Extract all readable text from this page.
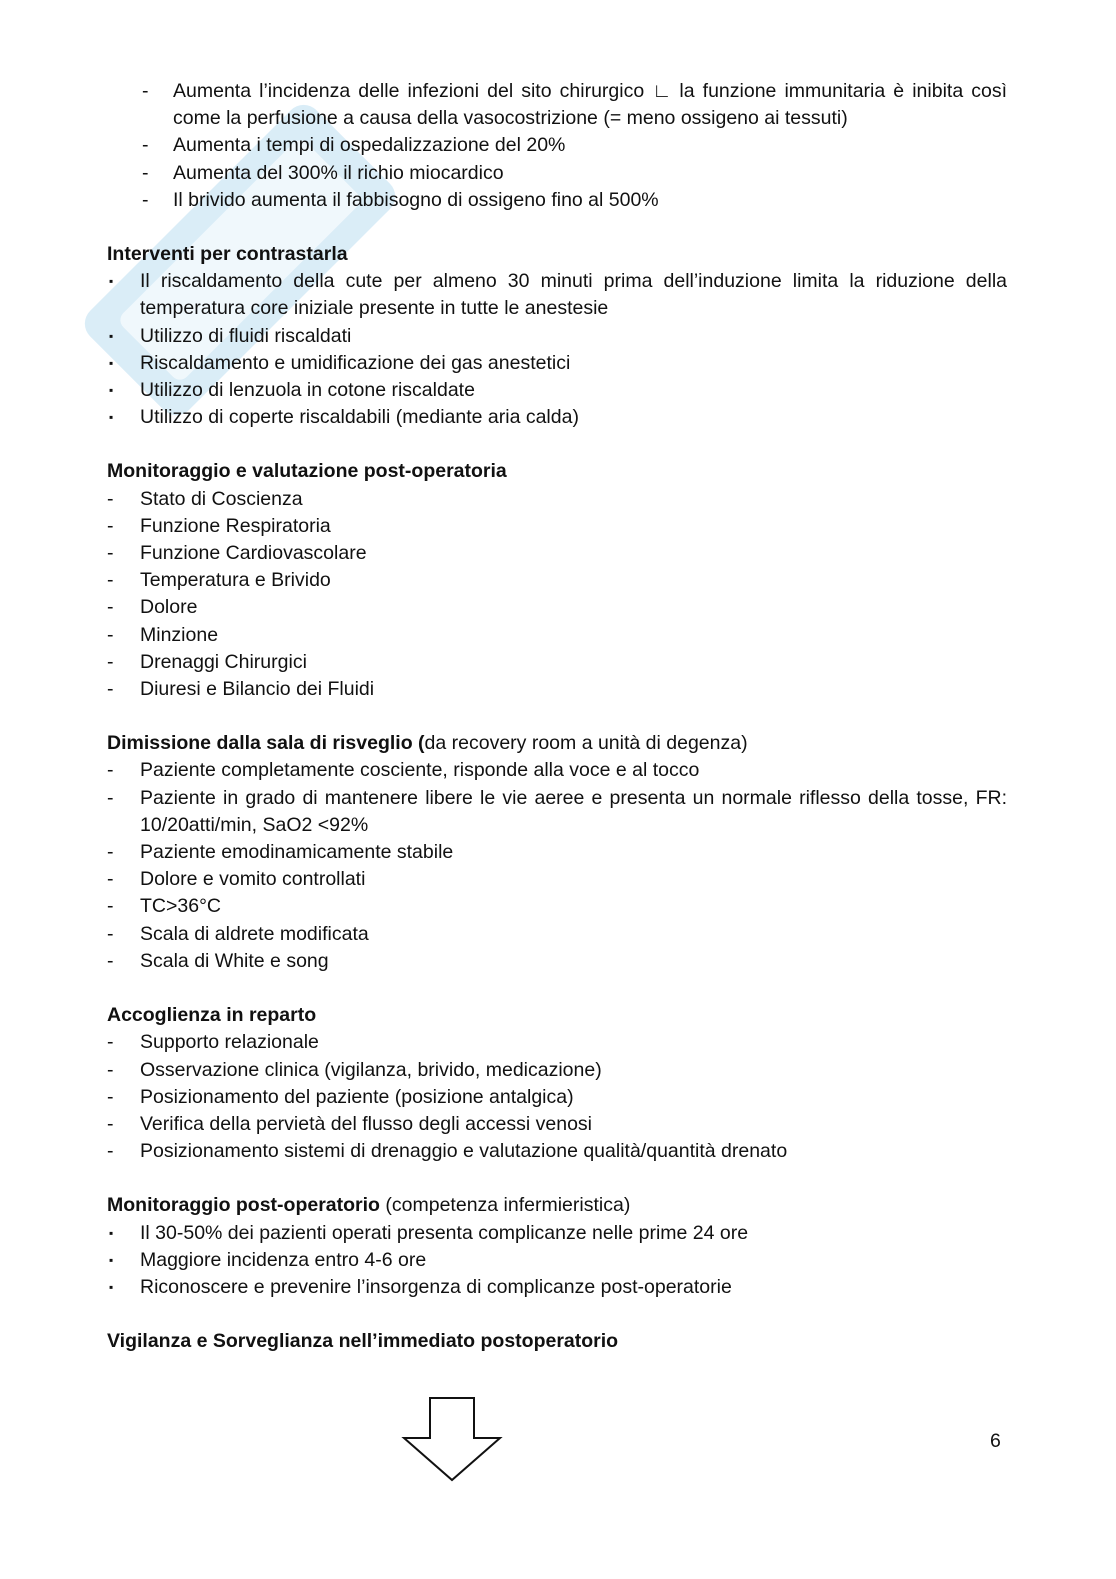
- Aumenta l’incidenza delle infezioni del sito chirurgico ∟ la funzione immunitaria è inibita così come la perfusione a causa della vasocostrizione (= meno ossigeno ai tessuti)
- Aumenta i tempi di ospedalizzazione del 20%
- Aumenta del 300% il richio miocardico
- Il brivido aumenta il fabbisogno di ossigeno fino al 500%
Interventi per contrastarla
▪ Il riscaldamento della cute per almeno 30 minuti prima dell’induzione limita la riduzione della temperatura core iniziale presente in tutte le anestesie
▪ Utilizzo di fluidi riscaldati
▪ Riscaldamento e umidificazione dei gas anestetici
▪ Utilizzo di lenzuola in cotone riscaldate
▪ Utilizzo di coperte riscaldabili (mediante aria calda)
Monitoraggio e valutazione post-operatoria
- Stato di Coscienza
- Funzione Respiratoria
- Funzione Cardiovascolare
- Temperatura e Brivido
- Dolore
- Minzione
- Drenaggi Chirurgici
- Diuresi e Bilancio dei Fluidi
Dimissione dalla sala di risveglio (da recovery room a unità di degenza)
- Paziente completamente cosciente, risponde alla voce e al tocco
- Paziente in grado di mantenere libere le vie aeree e presenta un normale riflesso della tosse, FR: 10/20atti/min, SaO2 <92%
- Paziente emodinamicamente stabile
- Dolore e vomito controllati
- TC>36°C
- Scala di aldrete modificata
- Scala di White e song
Accoglienza in reparto
- Supporto relazionale
- Osservazione clinica (vigilanza, brivido, medicazione)
- Posizionamento del paziente (posizione antalgica)
- Verifica della pervietà del flusso degli accessi venosi
- Posizionamento sistemi di drenaggio e valutazione qualità/quantità drenato
Monitoraggio post-operatorio (competenza infermieristica)
▪ Il 30-50% dei pazienti operati presenta complicanze nelle prime 24 ore
▪ Maggiore incidenza entro 4-6 ore
▪ Riconoscere e prevenire l’insorgenza di complicanze post-operatorie
Vigilanza e Sorveglianza nell’immediato postoperatorio
6
